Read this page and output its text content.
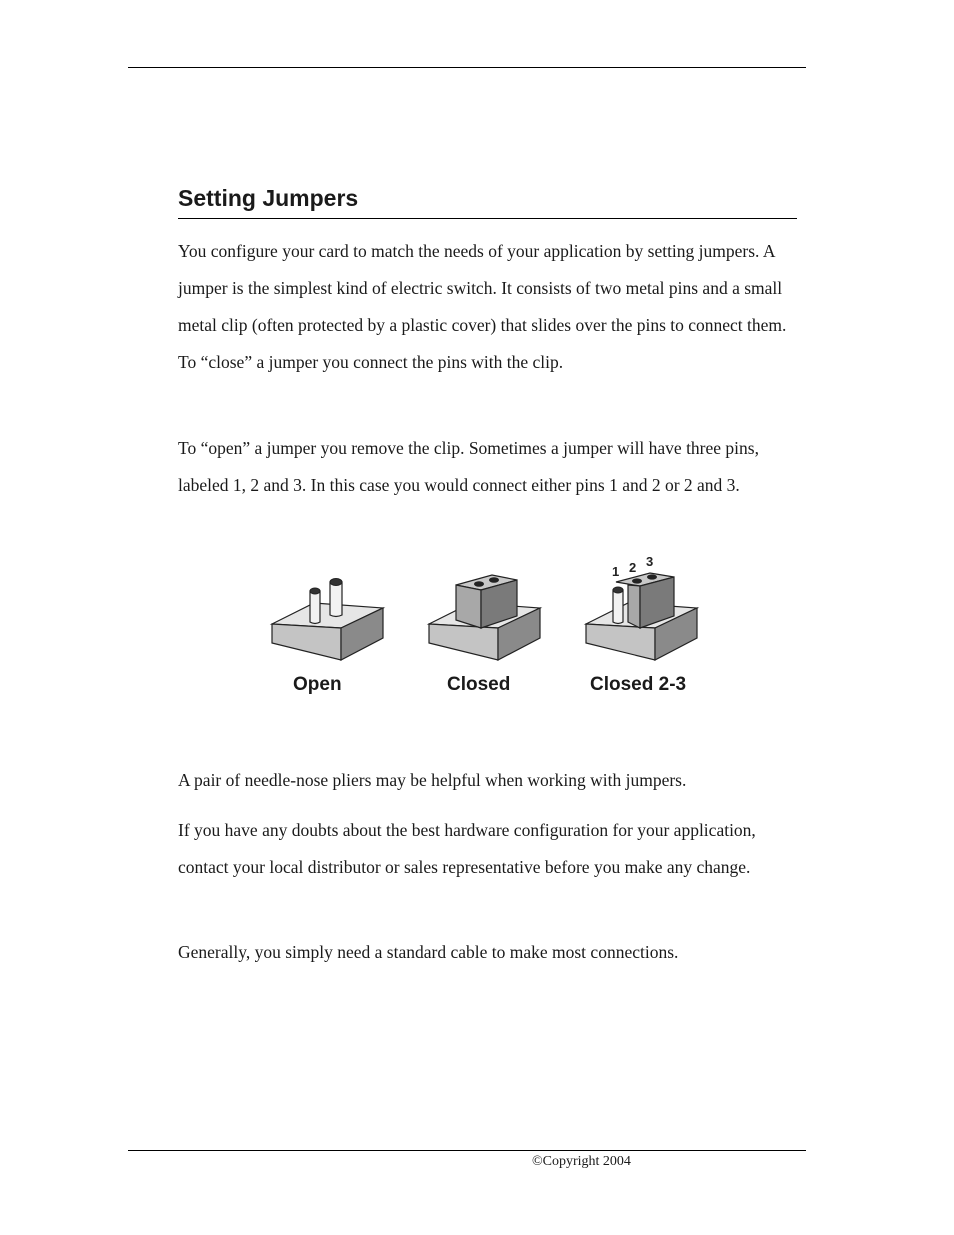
Setting Jumpers

You configure your card to match the needs of your application by setting jumpers. A jumper is the simplest kind of electric switch. It consists of two metal pins and a small metal clip (often protected by a plastic cover) that slides over the pins to connect them. To “close” a jumper you connect the pins with the clip.

To “open” a jumper you remove the clip. Sometimes a jumper will have three pins, labeled 1, 2 and 3. In this case you would connect either pins 1 and 2 or 2 and 3.

1 2 3
Open	Closed	Closed 2-3

A pair of needle-nose pliers may be helpful when working with jumpers.

If you have any doubts about the best hardware configuration for your application, contact your local distributor or sales representative before you make any change.

Generally, you simply need a standard cable to make most connections.

©Copyright 2004
